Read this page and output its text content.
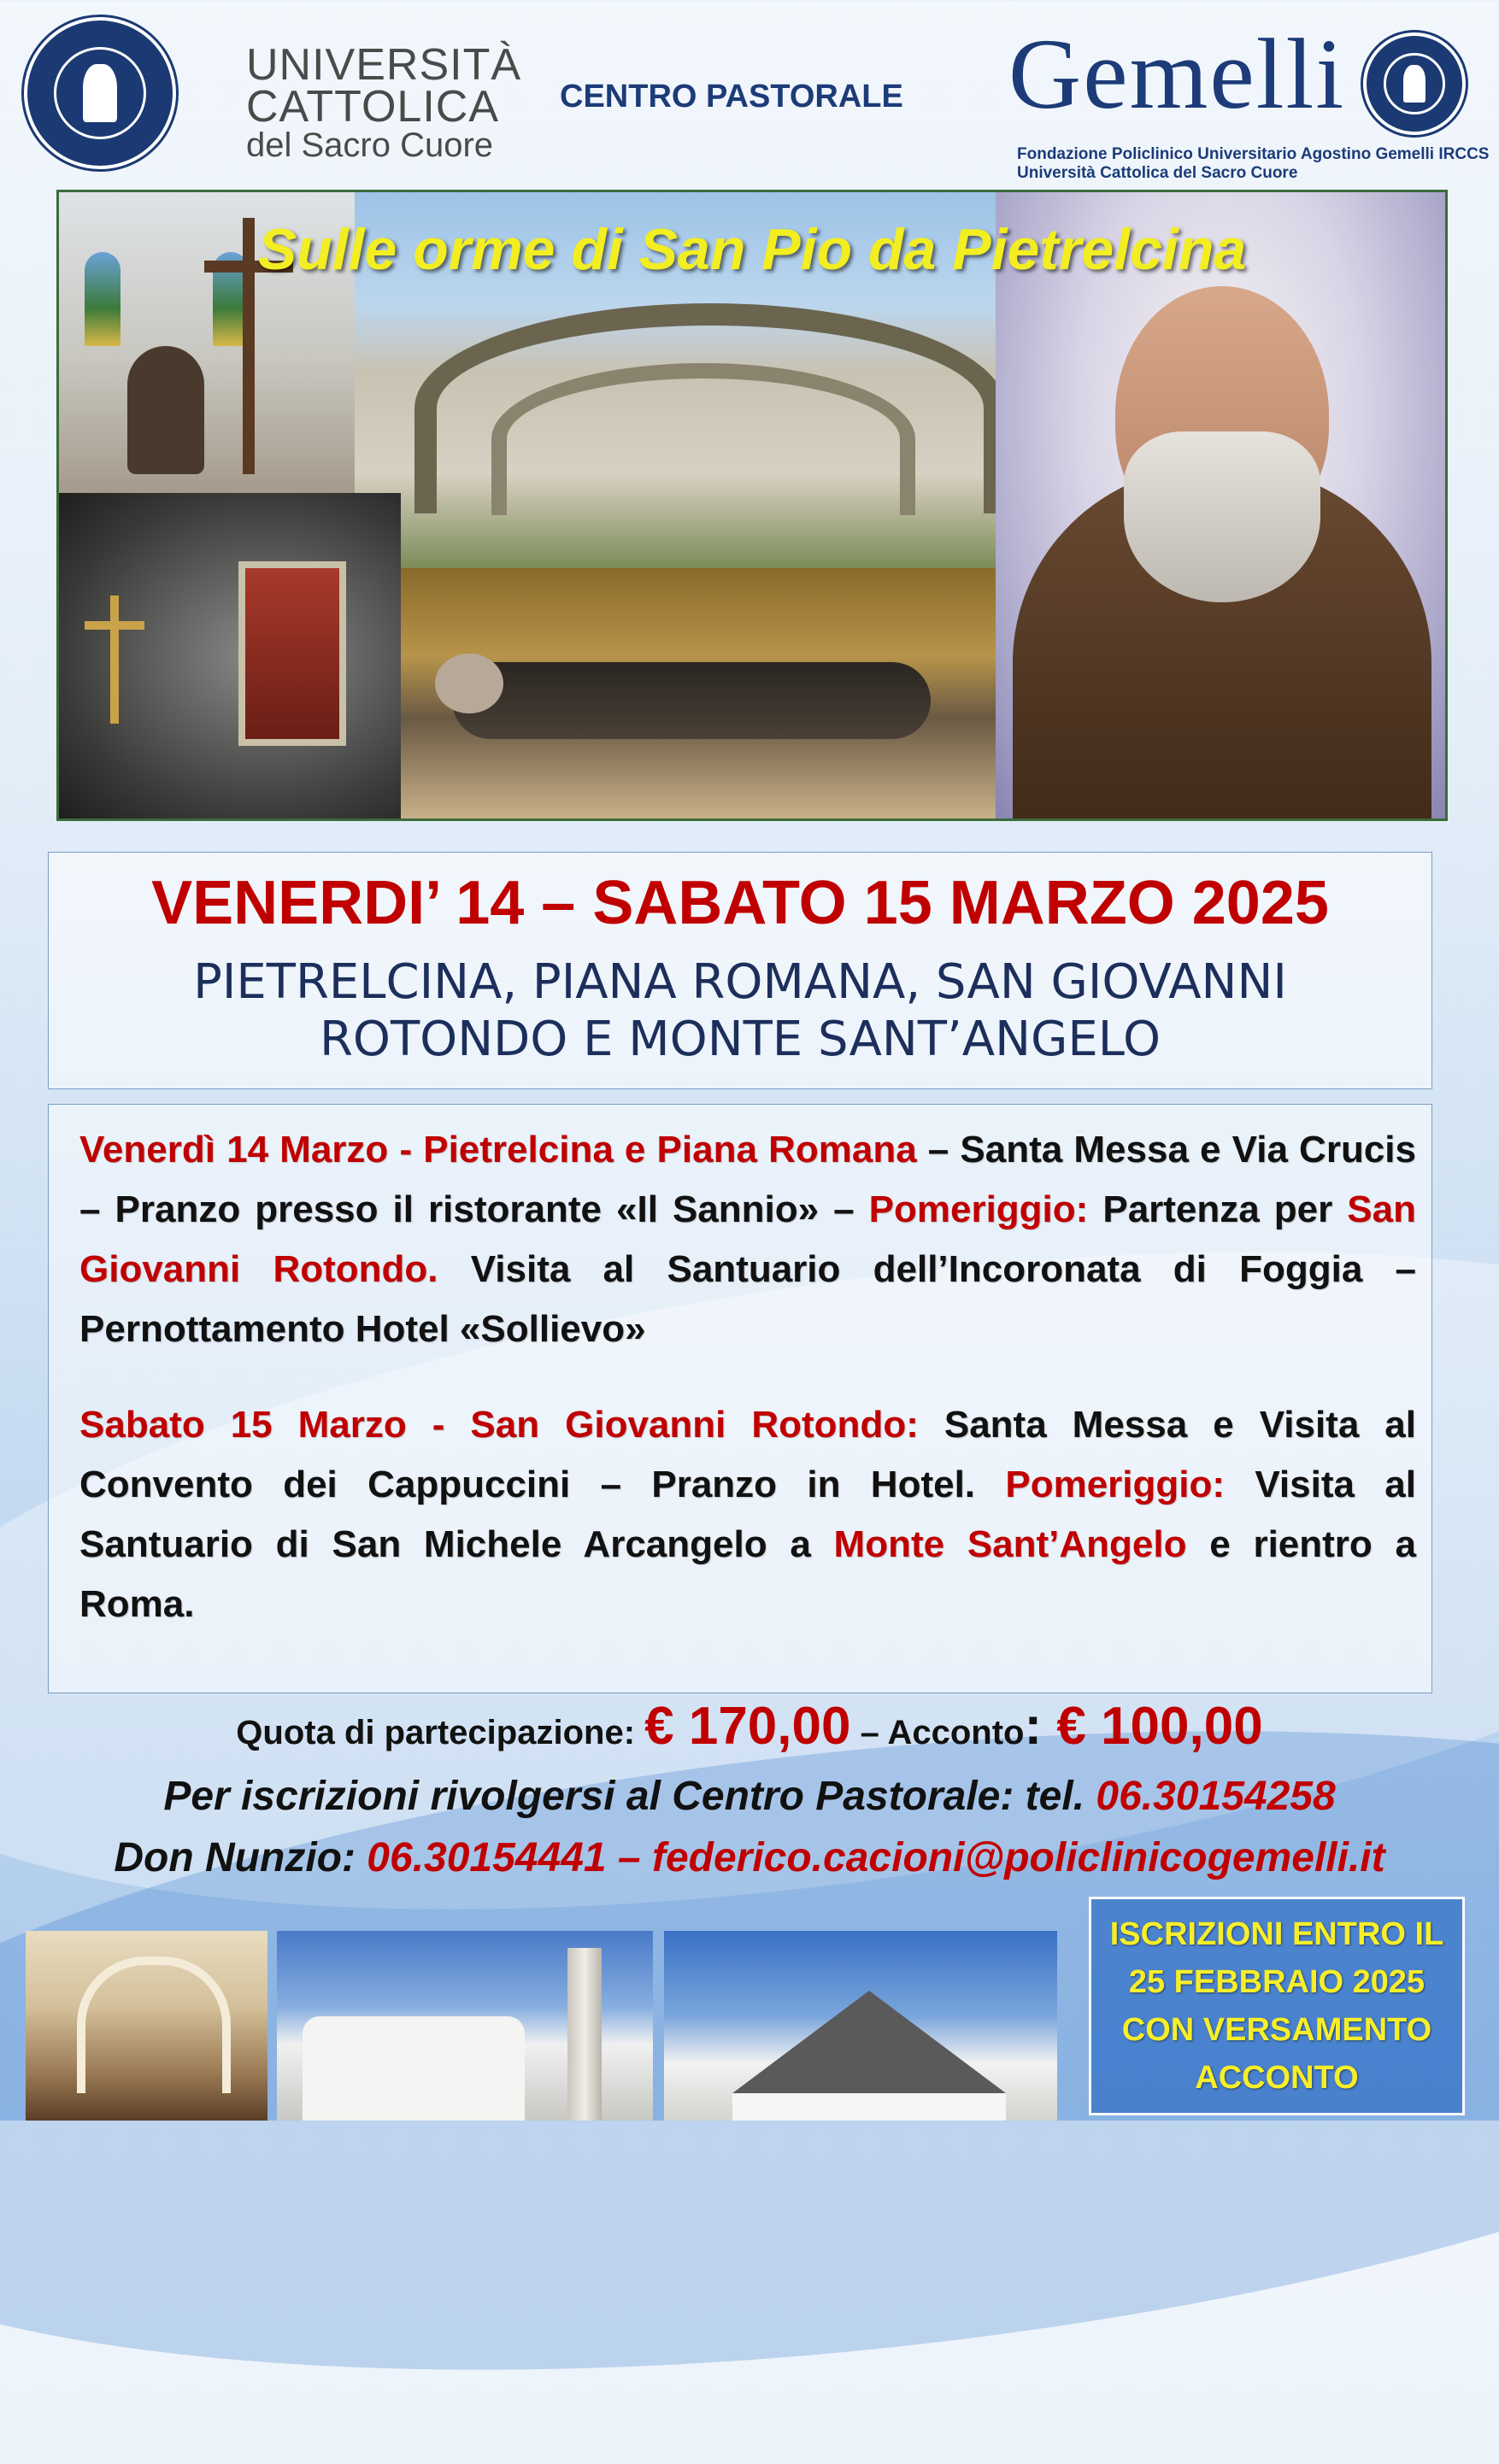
UNIVERSITÀ
CATTOLICA
del Sacro Cuore
CENTRO PASTORALE Gemelli
Fondazione Policlinico Universitario Agostino Gemelli IRCCS
Università Cattolica del Sacro Cuore
Sulle orme di San Pio da Pietrelcina
VENERDI’ 14 – SABATO 15 MARZO 2025
PIETRELCINA, PIANA ROMANA, SAN GIOVANNI
ROTONDO E MONTE SANT’ANGELO
Venerdì 14 Marzo - Pietrelcina e Piana Romana – Santa Messa e Via Crucis – Pranzo presso il ristorante «Il Sannio» – Pomeriggio: Partenza per San Giovanni Rotondo. Visita al Santuario dell’Incoronata di Foggia – Pernottamento Hotel «Sollievo»
Sabato 15 Marzo - San Giovanni Rotondo: Santa Messa e Visita al Convento dei Cappuccini – Pranzo in Hotel. Pomeriggio: Visita al Santuario di San Michele Arcangelo a Monte Sant’Angelo e rientro a Roma.
Quota di partecipazione: € 170,00 – Acconto: € 100,00
Per iscrizioni rivolgersi al Centro Pastorale: tel. 06.30154258
Don Nunzio: 06.30154441 – federico.cacioni@policlinicogemelli.it
ISCRIZIONI ENTRO IL
25 FEBBRAIO 2025
CON VERSAMENTO
ACCONTO
